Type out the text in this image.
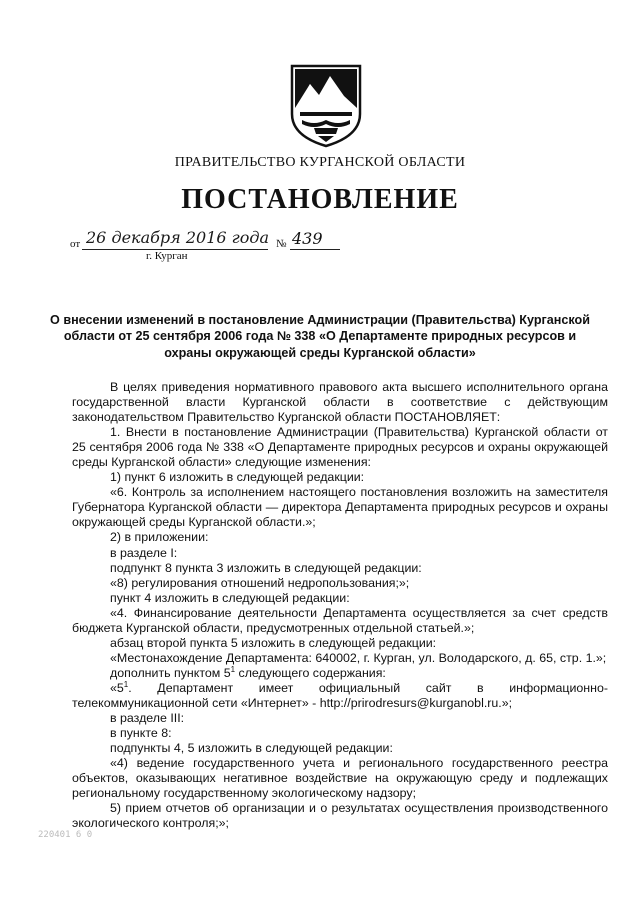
ПРАВИТЕЛЬСТВО КУРГАНСКОЙ ОБЛАСТИ
ПОСТАНОВЛЕНИЕ
от 26 декабря 2016 года № 439
г. Курган
О внесении изменений в постановление Администрации (Правительства) Курганской области от 25 сентября 2006 года № 338 «О Департаменте природных ресурсов и охраны окружающей среды Курганской области»

В целях приведения нормативного правового акта высшего исполнительного органа государственной власти Курганской области в соответствие с действующим законодательством Правительство Курганской области ПОСТАНОВЛЯЕТ:

1. Внести в постановление Администрации (Правительства) Курганской области от 25 сентября 2006 года № 338 «О Департаменте природных ресурсов и охраны окружающей среды Курганской области» следующие изменения:

1) пункт 6 изложить в следующей редакции:

«6. Контроль за исполнением настоящего постановления возложить на заместителя Губернатора Курганской области — директора Департамента природных ресурсов и охраны окружающей среды Курганской области.»;

2) в приложении:

в разделе I:

подпункт 8 пункта 3 изложить в следующей редакции:

«8) регулирования отношений недропользования;»;

пункт 4 изложить в следующей редакции:

«4. Финансирование деятельности Департамента осуществляется за счет средств бюджета Курганской области, предусмотренных отдельной статьей.»;

абзац второй пункта 5 изложить в следующей редакции:

«Местонахождение Департамента: 640002, г. Курган, ул. Володарского, д. 65, стр. 1.»;

дополнить пунктом $5^1$ следующего содержания:

«$5^1$. Департамент имеет официальный сайт в информационно-телекоммуникационной сети «Интернет» - http://prirodresurs@kurganobl.ru.»;

в разделе III:

в пункте 8:

подпункты 4, 5 изложить в следующей редакции:

«4) ведение государственного учета и регионального государственного реестра объектов, оказывающих негативное воздействие на окружающую среду и подлежащих региональному государственному экологическому надзору;

5) прием отчетов об организации и о результатах осуществления производственного экологического контроля;»;

220401 6 0
